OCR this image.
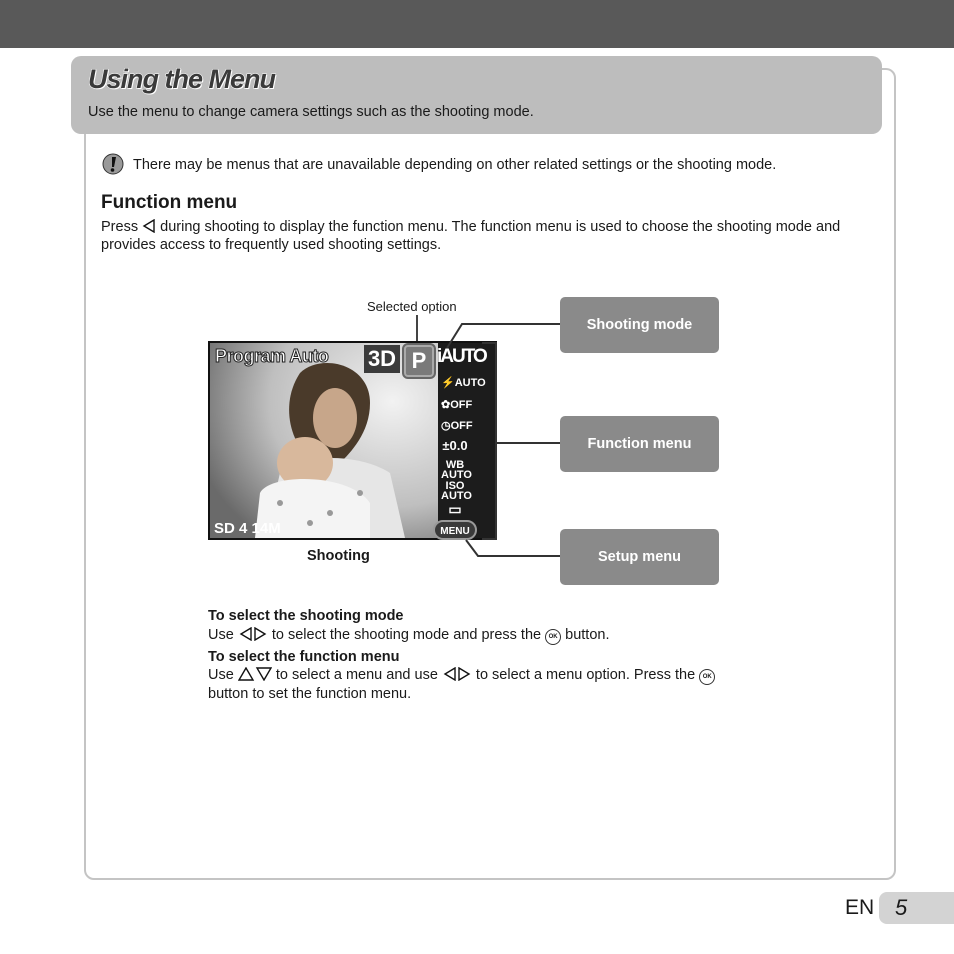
Using the Menu
Use the menu to change camera settings such as the shooting mode.
There may be menus that are unavailable depending on other related settings or the shooting mode.
Function menu
Press  during shooting to display the function menu. The function menu is used to choose the shooting mode and provides access to frequently used shooting settings.
Selected option
Program Auto 3D P iAUTO
⚡AUTO
✿OFF
◷OFF
±0.0
WB AUTO
ISO AUTO
▭
SD 4 14M	MENU
Shooting
Shooting mode
Function menu
Setup menu
To select the shooting mode
Use  to select the shooting mode and press the OK button.
To select the function menu
Use  to select a menu and use  to select a menu option. Press the OK
button to set the function menu.
EN 5
